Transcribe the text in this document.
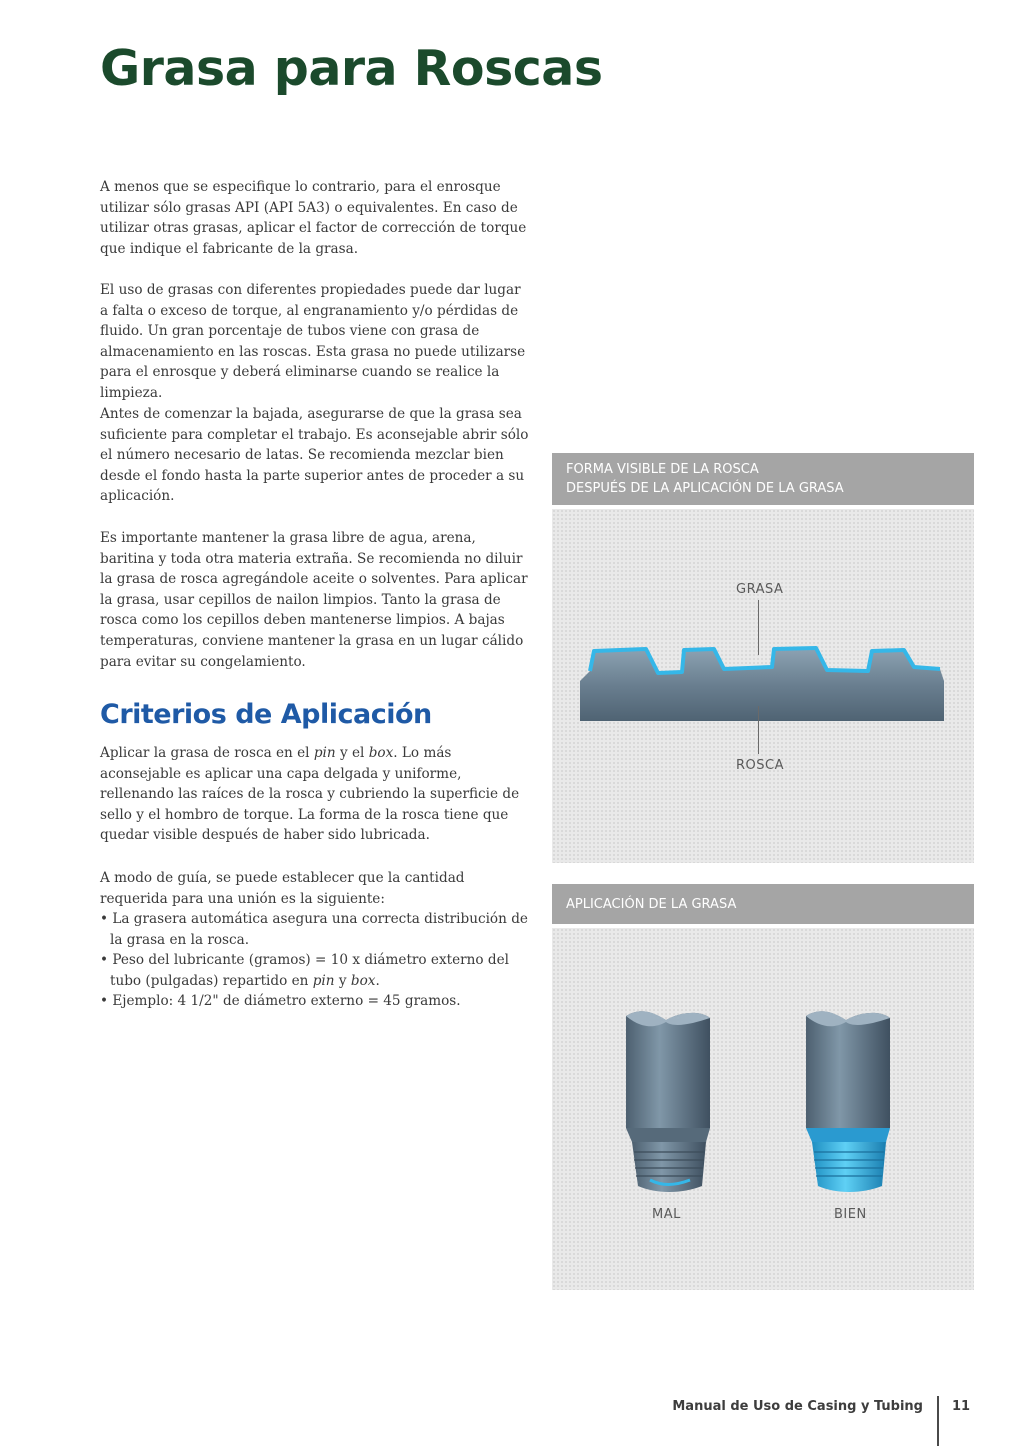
Grasa para Roscas

A menos que se especifique lo contrario, para el enrosque utilizar sólo grasas API (API 5A3) o equivalentes. En caso de utilizar otras grasas, aplicar el factor de corrección de torque que indique el fabricante de la grasa.

El uso de grasas con diferentes propiedades puede dar lugar a falta o exceso de torque, al engranamiento y/o pérdidas de fluido. Un gran porcentaje de tubos viene con grasa de almacenamiento en las roscas. Esta grasa no puede utilizarse para el enrosque y deberá eliminarse cuando se realice la limpieza.

Antes de comenzar la bajada, asegurarse de que la grasa sea suficiente para completar el trabajo. Es aconsejable abrir sólo el número necesario de latas. Se recomienda mezclar bien desde el fondo hasta la parte superior antes de proceder a su aplicación.

Es importante mantener la grasa libre de agua, arena, baritina y toda otra materia extraña. Se recomienda no diluir la grasa de rosca agregándole aceite o solventes. Para aplicar la grasa, usar cepillos de nailon limpios. Tanto la grasa de rosca como los cepillos deben mantenerse limpios. A bajas temperaturas, conviene mantener la grasa en un lugar cálido para evitar su congelamiento.

Criterios de Aplicación

Aplicar la grasa de rosca en el pin y el box. Lo más aconsejable es aplicar una capa delgada y uniforme, rellenando las raíces de la rosca y cubriendo la superficie de sello y el hombro de torque. La forma de la rosca tiene que quedar visible después de haber sido lubricada.

A modo de guía, se puede establecer que la cantidad requerida para una unión es la siguiente:

• La grasera automática asegura una correcta distribución de la grasa en la rosca.
• Peso del lubricante (gramos) = 10 x diámetro externo del tubo (pulgadas) repartido en pin y box.
• Ejemplo: 4 1/2" de diámetro externo = 45 gramos.
FORMA VISIBLE DE LA ROSCA
DESPUÉS DE LA APLICACIÓN DE LA GRASA
GRASA
ROSCA
APLICACIÓN DE LA GRASA
MAL	BIEN
Manual de Uso de Casing y Tubing 11
